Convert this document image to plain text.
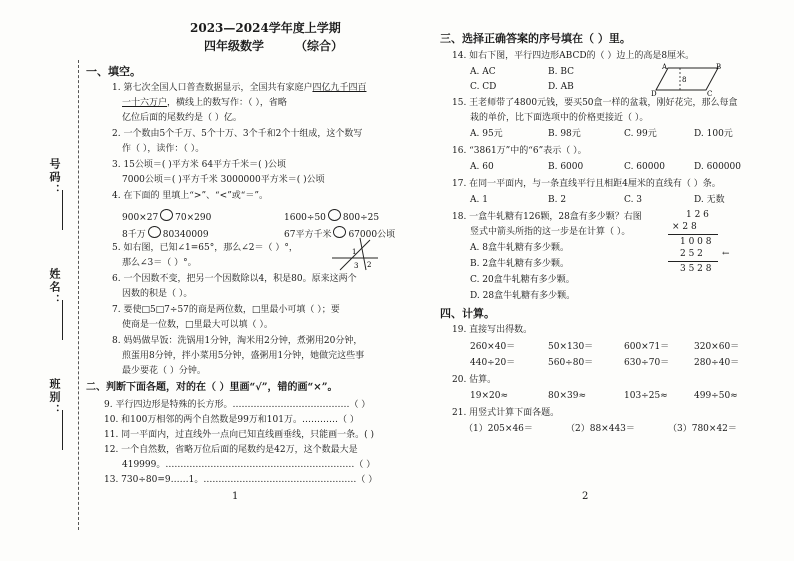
号码：
姓名：
班别：
2023—2024学年度上学期
四年级数学	（综合）
一、填空。
1. 第七次全国人口普查数据显示，全国共有家庭户四亿九千四百
一十六万户，横线上的数写作：（ ），省略
亿位后面的尾数约是（ ）亿。
2. 一个数由5个千万、5个十万、3个千和2个十组成，这个数写
作（ ），读作：（ ）。
3. 15公顷＝( )平方米 64平方千米＝( )公顷
7000公顷＝( )平方千米 3000000平方米＝( )公顷
4. 在下面的 里填上“>”、“<”或“＝”。
900×27 70×290	1600÷50 800÷25
8千万 80340009	67平方千米 67000公顷
5. 如右图，已知∠1=65°，那么∠2＝（ ）°，
那么∠3＝（ ）°。
1
2
3
6. 一个因数不变，把另一个因数除以4，积是80。原来这两个
因数的积是（ ）。
7. 要使□5□7÷57的商是两位数，□里最小可填（ ）；要
使商是一位数，□里最大可以填（ ）。
8. 妈妈做早饭：洗锅用1分钟，淘米用2分钟，煮粥用20分钟，
煎蛋用8分钟，拌小菜用5分钟，盛粥用1分钟，她做完这些事
最少要花（ ）分钟。
二、判断下面各题，对的在（ ）里画“√”，错的画“×”。
9. 平行四边形是特殊的长方形。…………………………………（ ）
10. 和100万相邻的两个自然数是99万和101万。…………（ ）
11. 同一平面内，过直线外一点向已知直线画垂线，只能画一条。( )
12. 一个自然数，省略万位后面的尾数约是42万，这个数最大是
419999。………………………………………………………（ ）
13. 730÷80=9……1。……………………………………………（ ）
1
三、选择正确答案的序号填在（ ）里。
14. 如右下图，平行四边形ABCD的（ ）边上的高是8厘米。
A. AC	B. BC
C. CD	D. AB
A	B
C
D
8
15. 王老师带了4800元钱，要买50盒一样的盆栽，刚好花完，那么每盒
栽的单价，比下面选项中的价格更接近（ ）。
A. 95元	B. 98元	C. 99元	D. 100元
16. “3861万”中的“6”表示（ ）。
A. 60	B. 6000	C. 60000	D. 600000
17. 在同一平面内，与一条直线平行且相距4厘米的直线有（ ）条。
A. 1	B. 2	C. 3	D. 无数
18. 一盒牛轧糖有126颗，28盒有多少颗？右图
竖式中箭头所指的这一步是在计算（ ）。
A. 8盒牛轧糖有多少颗。
B. 2盒牛轧糖有多少颗。
C. 20盒牛轧糖有多少颗。
D. 28盒牛轧糖有多少颗。
1 2 6
× 2 8
1 0 0 8
2 5 2 ←
3 5 2 8
四、计算。
19. 直接写出得数。
260×40＝	50×130＝	600×71＝	320×60＝
440÷20＝	560÷80＝	630÷70＝	280÷40＝
20. 估算。
19×20≈	80×39≈	103÷25≈	499÷50≈
21. 用竖式计算下面各题。
（1）205×46＝	（2）88×443＝	（3）780×42＝
2
